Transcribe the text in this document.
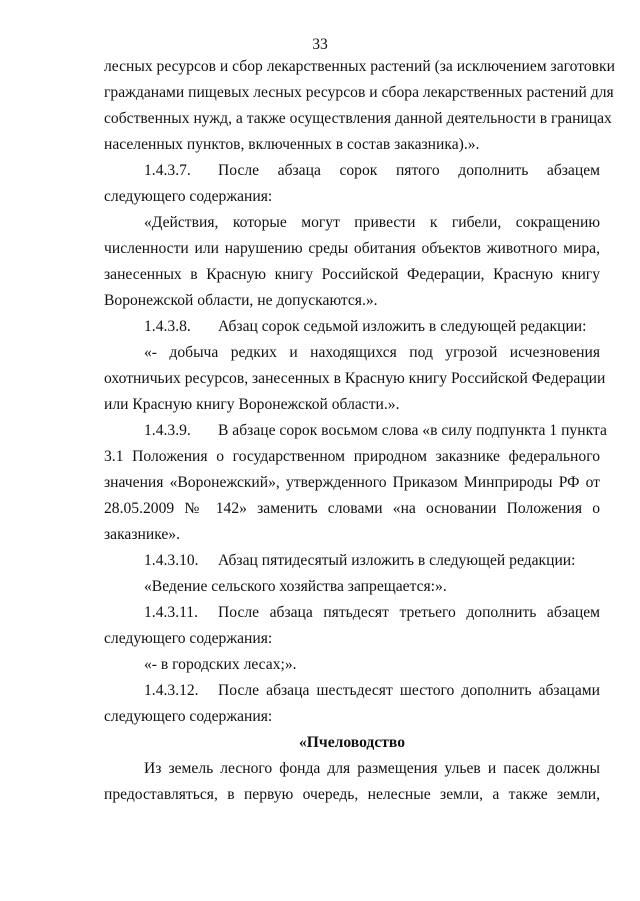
33
лесных ресурсов и сбор лекарственных растений (за исключением заготовки
гражданами пищевых лесных ресурсов и сбора лекарственных растений для
собственных нужд, а также осуществления данной деятельности в границах
населенных пунктов, включенных в состав заказника).».
1.4.3.7. После абзаца сорок пятого дополнить абзацем
следующего содержания:
«Действия, которые могут привести к гибели, сокращению
численности или нарушению среды обитания объектов животного мира,
занесенных в Красную книгу Российской Федерации, Красную книгу
Воронежской области, не допускаются.».
1.4.3.8. Абзац сорок седьмой изложить в следующей редакции:
«- добыча редких и находящихся под угрозой исчезновения
охотничьих ресурсов, занесенных в Красную книгу Российской Федерации
или Красную книгу Воронежской области.».
1.4.3.9. В абзаце сорок восьмом слова «в силу подпункта 1 пункта
3.1 Положения о государственном природном заказнике федерального
значения «Воронежский», утвержденного Приказом Минприроды РФ от
28.05.2009 № 142» заменить словами «на основании Положения о
заказнике».
1.4.3.10. Абзац пятидесятый изложить в следующей редакции:
«Ведение сельского хозяйства запрещается:».
1.4.3.11. После абзаца пятьдесят третьего дополнить абзацем
следующего содержания:
«- в городских лесах;».
1.4.3.12. После абзаца шестьдесят шестого дополнить абзацами
следующего содержания:
«Пчеловодство
Из земель лесного фонда для размещения ульев и пасек должны
предоставляться, в первую очередь, нелесные земли, а также земли,
